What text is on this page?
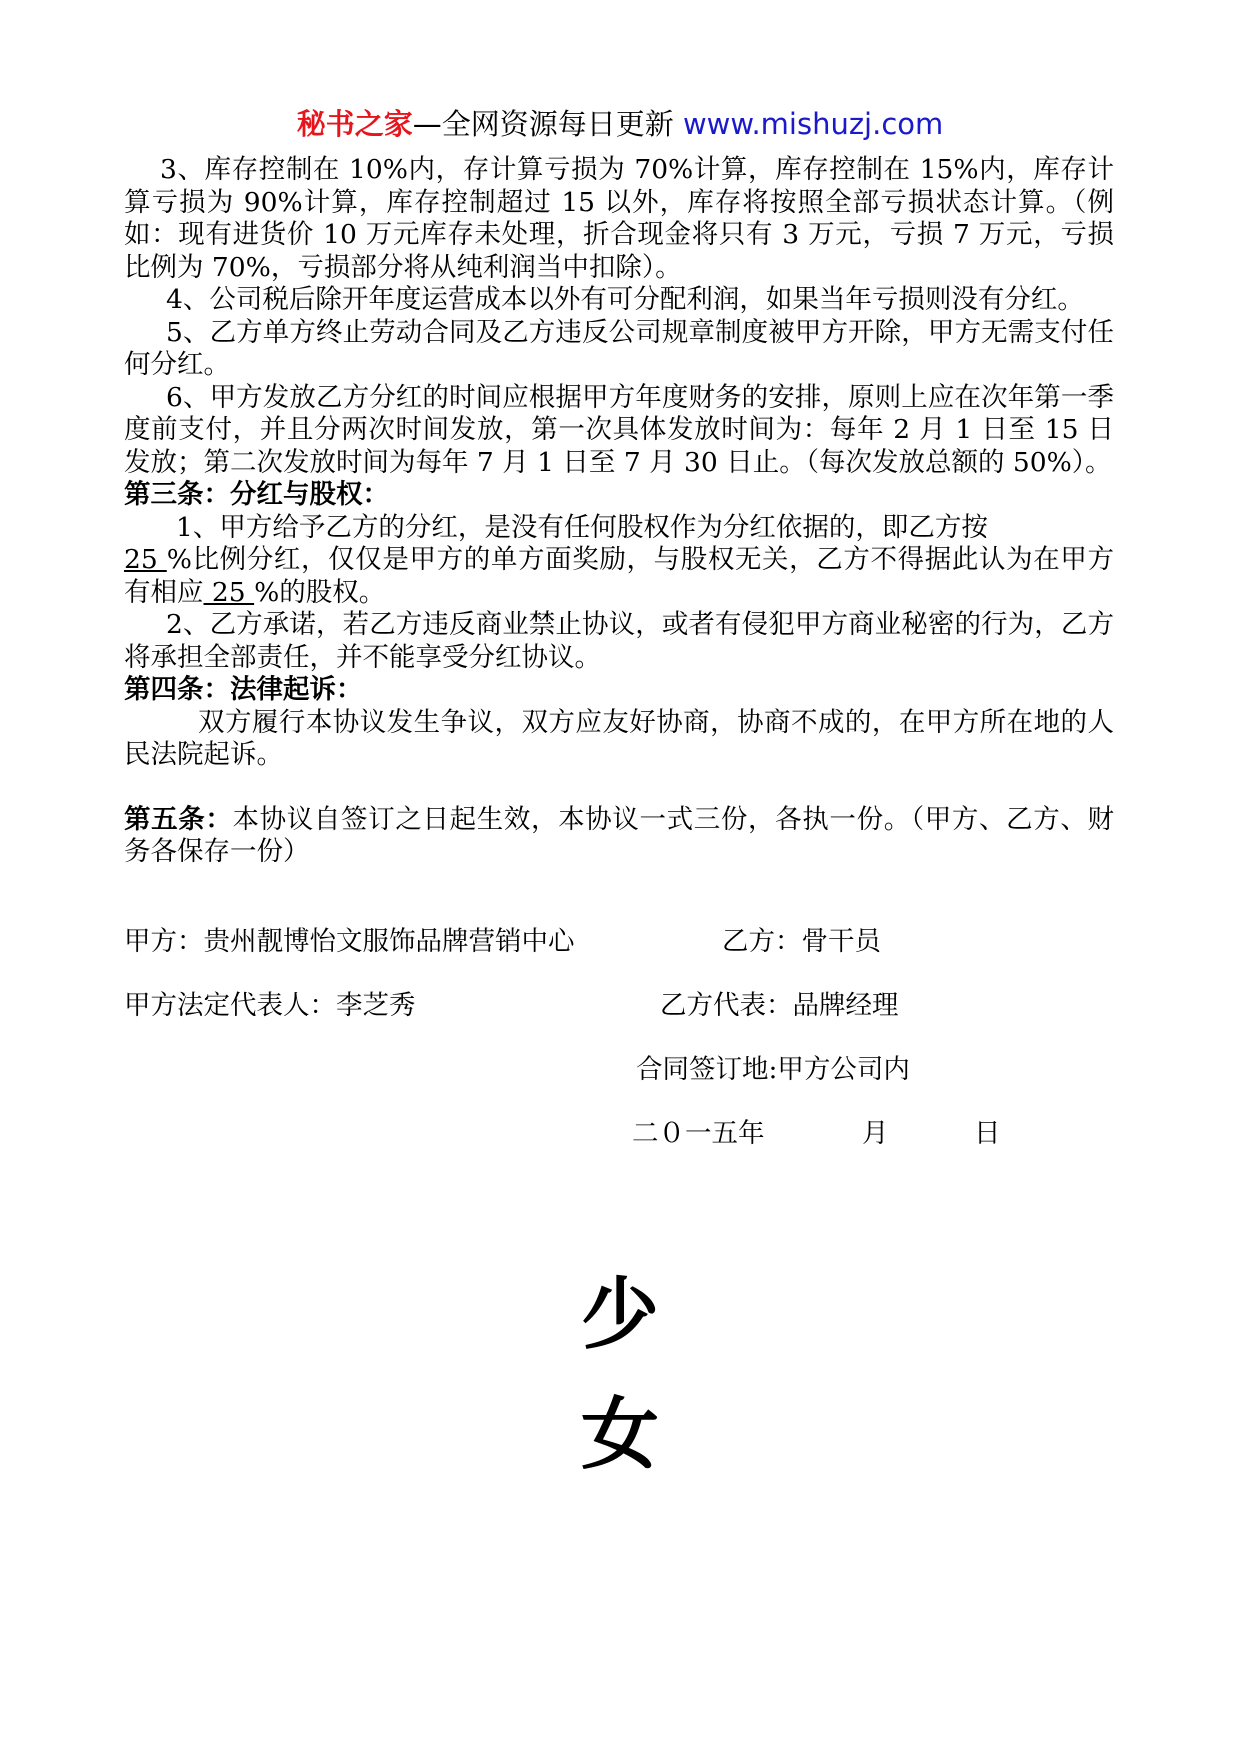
秘书之家—全网资源每日更新 www.mishuzj.com

3、库存控制在 10%内，存计算亏损为 70%计算，库存控制在 15%内，库存计算亏损为 90%计算，库存控制超过 15 以外，库存将按照全部亏损状态计算。（例如：现有进货价 10 万元库存未处理，折合现金将只有 3 万元，亏损 7 万元，亏损比例为 70%，亏损部分将从纯利润当中扣除）。

4、公司税后除开年度运营成本以外有可分配利润，如果当年亏损则没有分红。

5、乙方单方终止劳动合同及乙方违反公司规章制度被甲方开除，甲方无需支付任何分红。

6、甲方发放乙方分红的时间应根据甲方年度财务的安排，原则上应在次年第一季度前支付，并且分两次时间发放，第一次具体发放时间为：每年 2 月 1 日至 15 日发放；第二次发放时间为每年 7 月 1 日至 7 月 30 日止。（每次发放总额的 50%）。

第三条：分红与股权：

1、甲方给予乙方的分红，是没有任何股权作为分红依据的，即乙方按
25 %比例分红，仅仅是甲方的单方面奖励，与股权无关，乙方不得据此认为在甲方有相应 25 %的股权。

2、乙方承诺，若乙方违反商业禁止协议，或者有侵犯甲方商业秘密的行为，乙方将承担全部责任，并不能享受分红协议。

第四条：法律起诉：

双方履行本协议发生争议，双方应友好协商，协商不成的，在甲方所在地的人民法院起诉。

第五条：本协议自签订之日起生效，本协议一式三份，各执一份。（甲方、乙方、财务各保存一份）

甲方：贵州靓博怡文服饰品牌营销中心	乙方：骨干员
甲方法定代表人：李芝秀	乙方代表：品牌经理
合同签订地:甲方公司内
二０一五年	月	日
少
女
